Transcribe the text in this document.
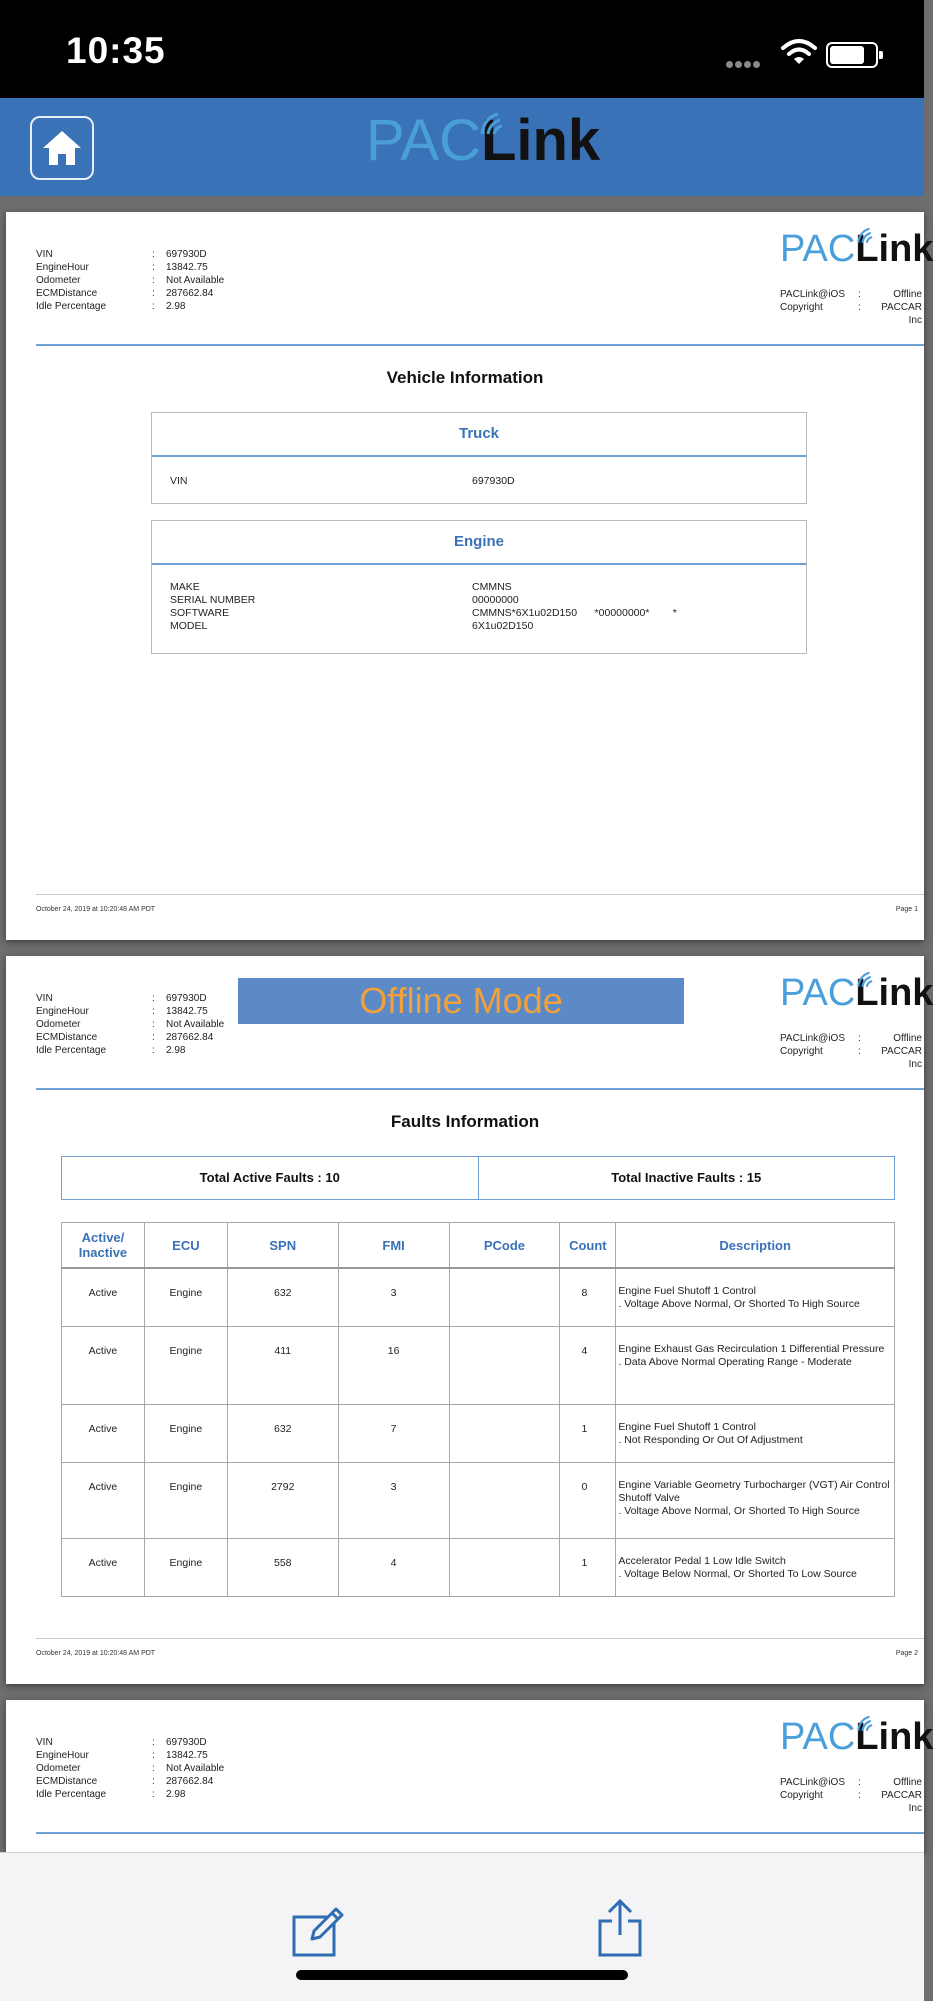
10:35
PACLink
VIN	:	697930D
EngineHour	:	13842.75
Odometer	:	Not Available
ECMDistance	:	287662.84
Idle Percentage	:	2.98
PACLink
PACLink@iOS	:	Offline
Copyright	:	PACCAR Inc
Vehicle Information
Truck
VIN	697930D
Engine
MAKE	CMMNS
SERIAL NUMBER	00000000
SOFTWARE	CMMNS*6X1u02D150      *00000000*        *
MODEL	6X1u02D150
October 24, 2019 at 10:20:48 AM PDT	Page 1
VIN	:	697930D
EngineHour	:	13842.75
Odometer	:	Not Available
ECMDistance	:	287662.84
Idle Percentage	:	2.98
Offline Mode	PACLink
PACLink@iOS	:	Offline
Copyright	:	PACCAR Inc
Faults Information
Total Active Faults : 10	Total Inactive Faults : 15
Active/ Inactive	ECU	SPN	FMI	PCode	Count	Description
Active	Engine	632	3		8	Engine Fuel Shutoff 1 Control
. Voltage Above Normal, Or Shorted To High Source

Active	Engine	411	16		4	Engine Exhaust Gas Recirculation 1 Differential Pressure
. Data Above Normal Operating Range - Moderate

Active	Engine	632	7		1	Engine Fuel Shutoff 1 Control
. Not Responding Or Out Of Adjustment

Active	Engine	2792	3		0	Engine Variable Geometry Turbocharger (VGT) Air Control Shutoff Valve
. Voltage Above Normal, Or Shorted To High Source

Active	Engine	558	4		1	Accelerator Pedal 1 Low Idle Switch
. Voltage Below Normal, Or Shorted To Low Source
October 24, 2019 at 10:20:48 AM PDT	Page 2
VIN	:	697930D
EngineHour	:	13842.75
Odometer	:	Not Available
ECMDistance	:	287662.84
Idle Percentage	:	2.98
PACLink
PACLink@iOS	:	Offline
Copyright	:	PACCAR Inc
